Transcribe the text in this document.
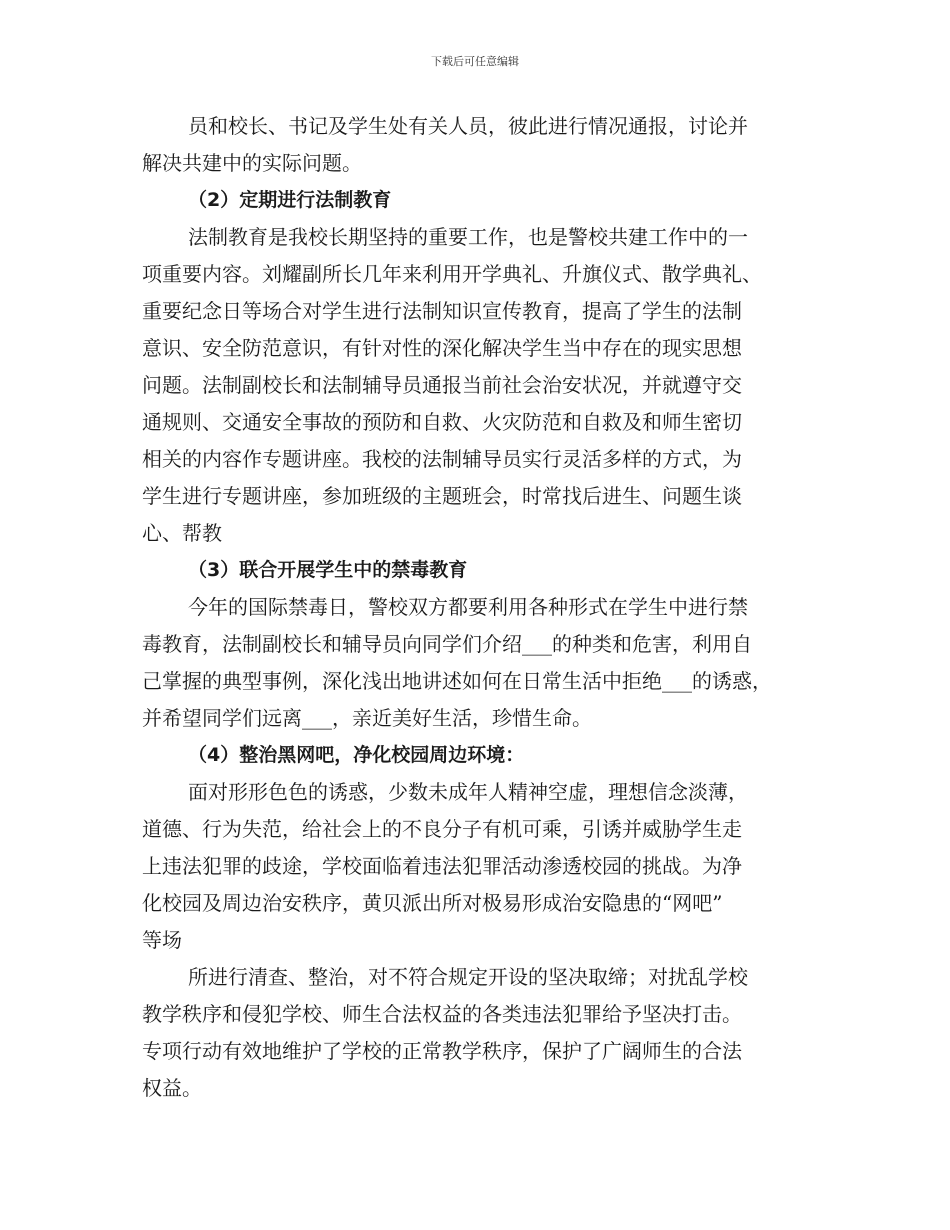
下载后可任意编辑
员和校长、书记及学生处有关人员，彼此进行情况通报，讨论并
解决共建中的实际问题。
（2）定期进行法制教育
法制教育是我校长期坚持的重要工作，也是警校共建工作中的一
项重要内容。刘耀副所长几年来利用开学典礼、升旗仪式、散学典礼、
重要纪念日等场合对学生进行法制知识宣传教育，提高了学生的法制
意识、安全防范意识，有针对性的深化解决学生当中存在的现实思想
问题。法制副校长和法制辅导员通报当前社会治安状况，并就遵守交
通规则、交通安全事故的预防和自救、火灾防范和自救及和师生密切
相关的内容作专题讲座。我校的法制辅导员实行灵活多样的方式，为
学生进行专题讲座，参加班级的主题班会，时常找后进生、问题生谈
心、帮教
（3）联合开展学生中的禁毒教育
今年的国际禁毒日，警校双方都要利用各种形式在学生中进行禁
毒教育，法制副校长和辅导员向同学们介绍___的种类和危害，利用自
己掌握的典型事例，深化浅出地讲述如何在日常生活中拒绝___的诱惑，
并希望同学们远离___，亲近美好生活，珍惜生命。
（4）整治黑网吧，净化校园周边环境：
面对形形色色的诱惑，少数未成年人精神空虚，理想信念淡薄，
道德、行为失范，给社会上的不良分子有机可乘，引诱并威胁学生走
上违法犯罪的歧途，学校面临着违法犯罪活动渗透校园的挑战。为净
化校园及周边治安秩序，黄贝派出所对极易形成治安隐患的“网吧”
等场
所进行清查、整治，对不符合规定开设的坚决取缔；对扰乱学校
教学秩序和侵犯学校、师生合法权益的各类违法犯罪给予坚决打击。
专项行动有效地维护了学校的正常教学秩序，保护了广阔师生的合法
权益。
